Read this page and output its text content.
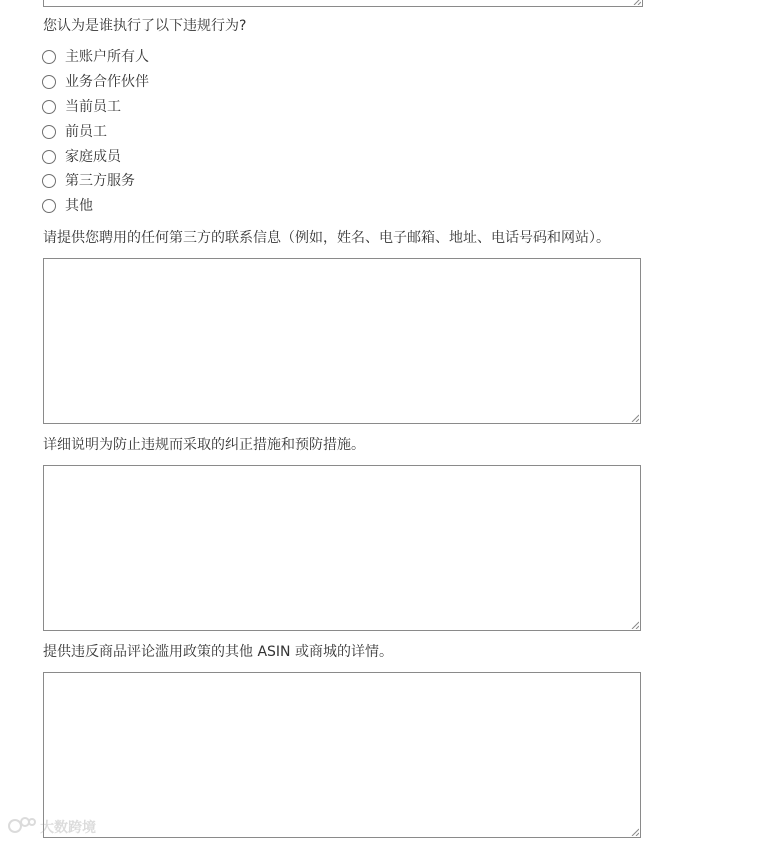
您认为是谁执行了以下违规行为?

主账户所有人
业务合作伙伴
当前员工
前员工
家庭成员
第三方服务
其他

请提供您聘用的任何第三方的联系信息（例如，姓名、电子邮箱、地址、电话号码和网站）。

详细说明为防止违规而采取的纠正措施和预防措施。

提供违反商品评论滥用政策的其他 ASIN 或商城的详情。

大数跨境
